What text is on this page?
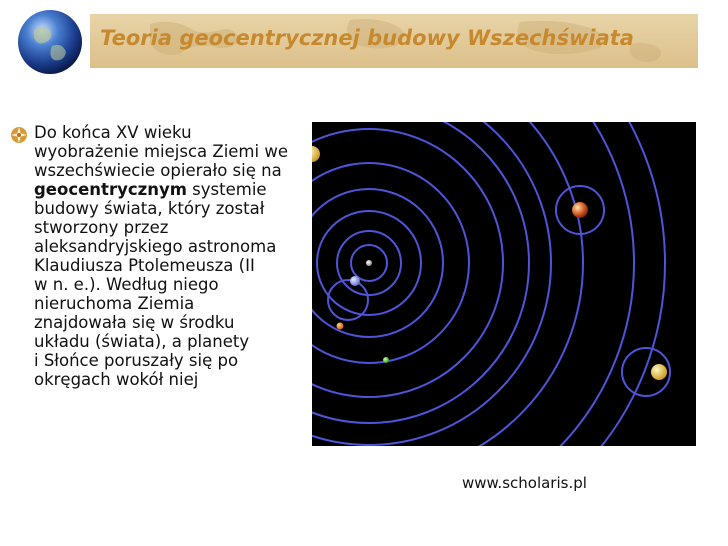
Teoria geocentrycznej budowy Wszechświata
Do końca XV wieku
wyobrażenie miejsca Ziemi we
wszechświecie opierało się na
geocentrycznym systemie
budowy świata, który został
stworzony przez
aleksandryjskiego astronoma
Klaudiusza Ptolemeusza (II
w n. e.). Według niego
nieruchoma Ziemia
znajdowała się w środku
układu (świata), a planety
i Słońce poruszały się po
okręgach wokół niej
www.scholaris.pl
